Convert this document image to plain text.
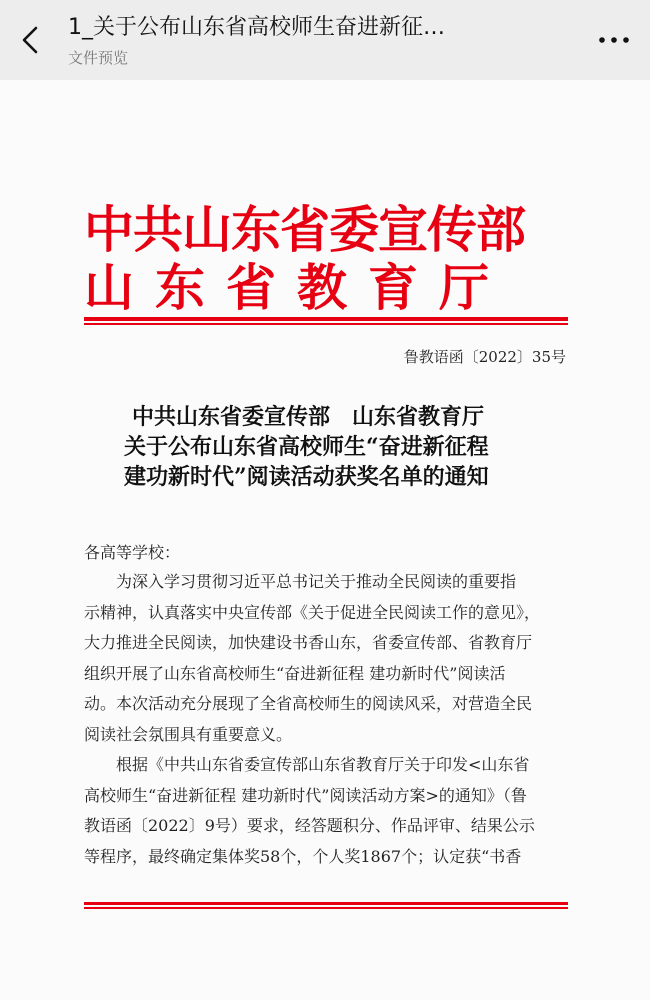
1_关于公布山东省高校师生奋进新征…
文件预览
中共山东省委宣传部
山东省教育厅
鲁教语函〔2022〕35号
中共山东省委宣传部　山东省教育厅
关于公布山东省高校师生“奋进新征程
建功新时代”阅读活动获奖名单的通知
各高等学校：
为深入学习贯彻习近平总书记关于推动全民阅读的重要指
示精神，认真落实中央宣传部《关于促进全民阅读工作的意见》，
大力推进全民阅读，加快建设书香山东，省委宣传部、省教育厅
组织开展了山东省高校师生“奋进新征程 建功新时代”阅读活
动。本次活动充分展现了全省高校师生的阅读风采，对营造全民
阅读社会氛围具有重要意义。
根据《中共山东省委宣传部山东省教育厅关于印发<山东省
高校师生“奋进新征程 建功新时代”阅读活动方案>的通知》（鲁
教语函〔2022〕9号）要求，经答题积分、作品评审、结果公示
等程序，最终确定集体奖58个，个人奖1867个；认定获“书香
